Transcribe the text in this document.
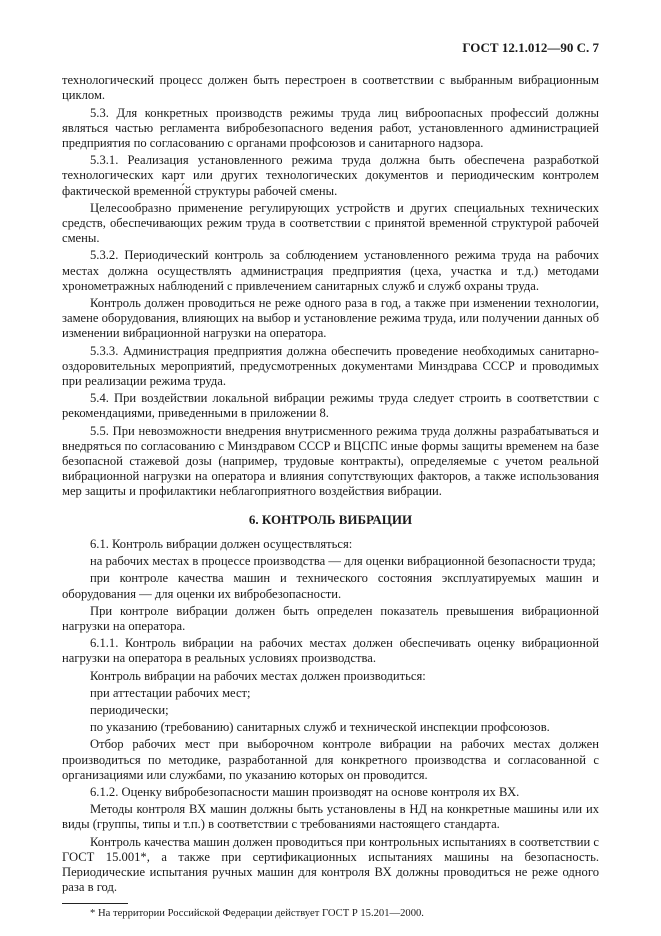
ГОСТ 12.1.012—90 С. 7

технологический процесс должен быть перестроен в соответствии с выбранным вибрационным циклом.

5.3. Для конкретных производств режимы труда лиц виброопасных профессий должны являться частью регламента вибробезопасного ведения работ, установленного администрацией предприятия по согласованию с органами профсоюзов и санитарного надзора.

5.3.1. Реализация установленного режима труда должна быть обеспечена разработкой технологических карт или других технологических документов и периодическим контролем фактической временно́й структуры рабочей смены.

Целесообразно применение регулирующих устройств и других специальных технических средств, обеспечивающих режим труда в соответствии с принятой временно́й структурой рабочей смены.

5.3.2. Периодический контроль за соблюдением установленного режима труда на рабочих местах должна осуществлять администрация предприятия (цеха, участка и т.д.) методами хронометражных наблюдений с привлечением санитарных служб и служб охраны труда.

Контроль должен проводиться не реже одного раза в год, а также при изменении технологии, замене оборудования, влияющих на выбор и установление режима труда, или получении данных об изменении вибрационной нагрузки на оператора.

5.3.3. Администрация предприятия должна обеспечить проведение необходимых санитарно-оздоровительных мероприятий, предусмотренных документами Минздрава СССР и проводимых при реализации режима труда.

5.4. При воздействии локальной вибрации режимы труда следует строить в соответствии с рекомендациями, приведенными в приложении 8.

5.5. При невозможности внедрения внутрисменного режима труда должны разрабатываться и внедряться по согласованию с Минздравом СССР и ВЦСПС иные формы защиты временем на базе безопасной стажевой дозы (например, трудовые контракты), определяемые с учетом реальной вибрационной нагрузки на оператора и влияния сопутствующих факторов, а также использования мер защиты и профилактики неблагоприятного воздействия вибрации.

6. КОНТРОЛЬ ВИБРАЦИИ

6.1. Контроль вибрации должен осуществляться:

на рабочих местах в процессе производства — для оценки вибрационной безопасности труда;

при контроле качества машин и технического состояния эксплуатируемых машин и оборудования — для оценки их вибробезопасности.

При контроле вибрации должен быть определен показатель превышения вибрационной нагрузки на оператора.

6.1.1. Контроль вибрации на рабочих местах должен обеспечивать оценку вибрационной нагрузки на оператора в реальных условиях производства.

Контроль вибрации на рабочих местах должен производиться:

при аттестации рабочих мест;

периодически;

по указанию (требованию) санитарных служб и технической инспекции профсоюзов.

Отбор рабочих мест при выборочном контроле вибрации на рабочих местах должен производиться по методике, разработанной для конкретного производства и согласованной с организациями или службами, по указанию которых он проводится.

6.1.2. Оценку вибробезопасности машин производят на основе контроля их ВХ.

Методы контроля ВХ машин должны быть установлены в НД на конкретные машины или их виды (группы, типы и т.п.) в соответствии с требованиями настоящего стандарта.

Контроль качества машин должен проводиться при контрольных испытаниях в соответствии с ГОСТ 15.001*, а также при сертификационных испытаниях машины на безопасность. Периодические испытания ручных машин для контроля ВХ должны проводиться не реже одного раза в год.

* На территории Российской Федерации действует ГОСТ Р 15.201—2000.
